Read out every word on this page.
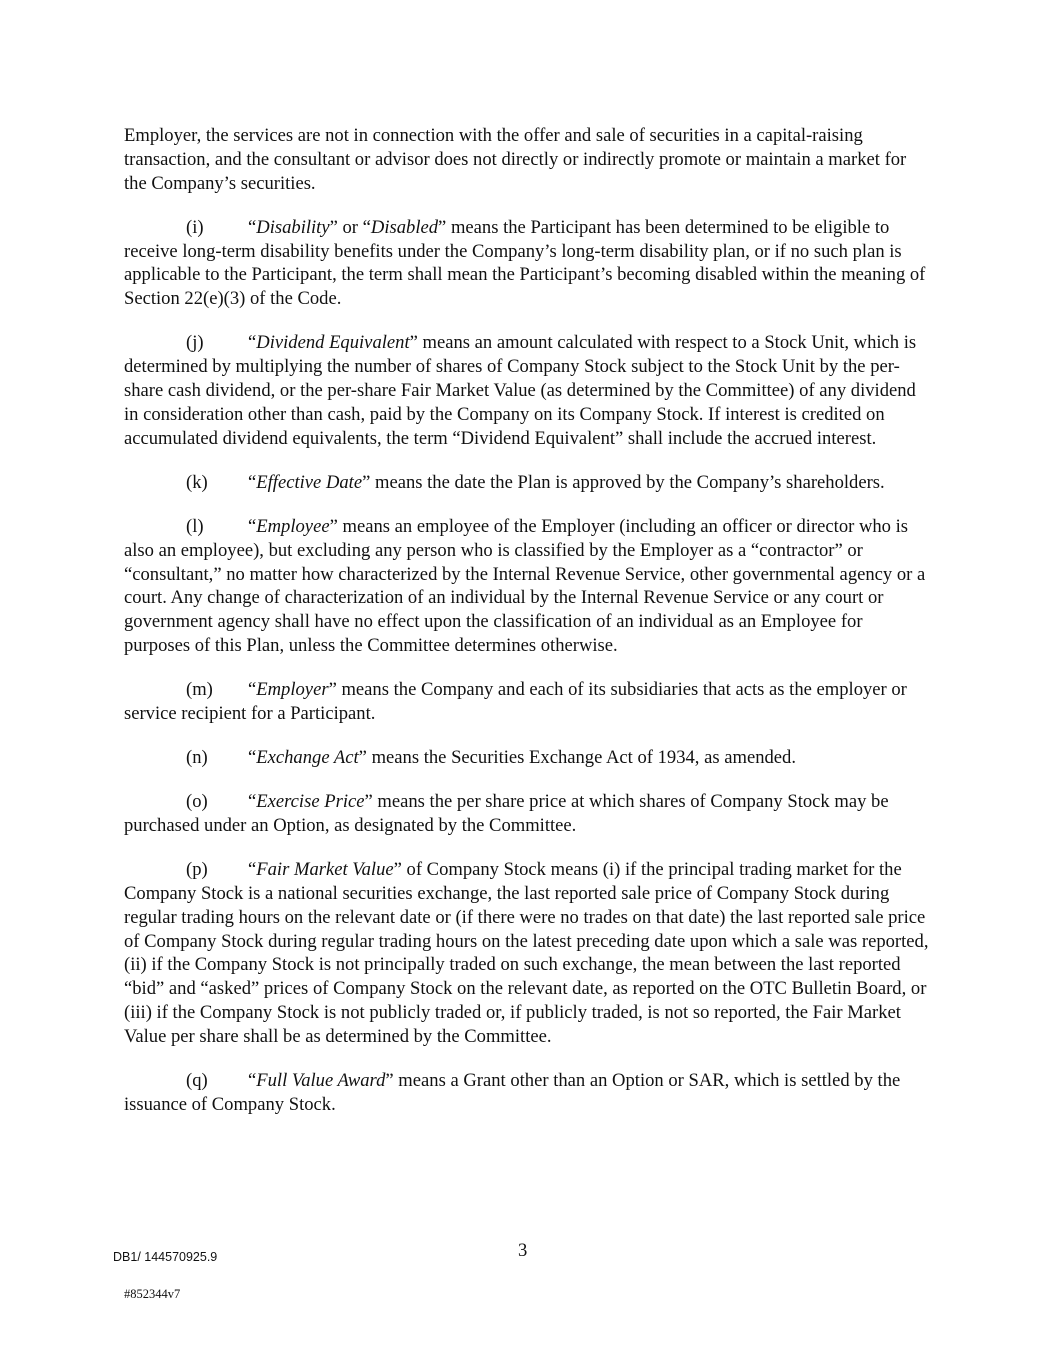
Employer, the services are not in connection with the offer and sale of securities in a capital-raising transaction, and the consultant or advisor does not directly or indirectly promote or maintain a market for the Company’s securities.

(i) “Disability” or “Disabled” means the Participant has been determined to be eligible to receive long-term disability benefits under the Company’s long-term disability plan, or if no such plan is applicable to the Participant, the term shall mean the Participant’s becoming disabled within the meaning of Section 22(e)(3) of the Code.

(j) “Dividend Equivalent” means an amount calculated with respect to a Stock Unit, which is determined by multiplying the number of shares of Company Stock subject to the Stock Unit by the per-share cash dividend, or the per-share Fair Market Value (as determined by the Committee) of any dividend in consideration other than cash, paid by the Company on its Company Stock. If interest is credited on accumulated dividend equivalents, the term “Dividend Equivalent” shall include the accrued interest.

(k) “Effective Date” means the date the Plan is approved by the Company’s shareholders.

(l) “Employee” means an employee of the Employer (including an officer or director who is also an employee), but excluding any person who is classified by the Employer as a “contractor” or “consultant,” no matter how characterized by the Internal Revenue Service, other governmental agency or a court. Any change of characterization of an individual by the Internal Revenue Service or any court or government agency shall have no effect upon the classification of an individual as an Employee for purposes of this Plan, unless the Committee determines otherwise.

(m) “Employer” means the Company and each of its subsidiaries that acts as the employer or service recipient for a Participant.

(n) “Exchange Act” means the Securities Exchange Act of 1934, as amended.

(o) “Exercise Price” means the per share price at which shares of Company Stock may be purchased under an Option, as designated by the Committee.

(p) “Fair Market Value” of Company Stock means (i) if the principal trading market for the Company Stock is a national securities exchange, the last reported sale price of Company Stock during regular trading hours on the relevant date or (if there were no trades on that date) the last reported sale price of Company Stock during regular trading hours on the latest preceding date upon which a sale was reported, (ii) if the Company Stock is not principally traded on such exchange, the mean between the last reported “bid” and “asked” prices of Company Stock on the relevant date, as reported on the OTC Bulletin Board, or (iii) if the Company Stock is not publicly traded or, if publicly traded, is not so reported, the Fair Market Value per share shall be as determined by the Committee.

(q) “Full Value Award” means a Grant other than an Option or SAR, which is settled by the issuance of Company Stock.

DB1/ 144570925.9	3
#852344v7
